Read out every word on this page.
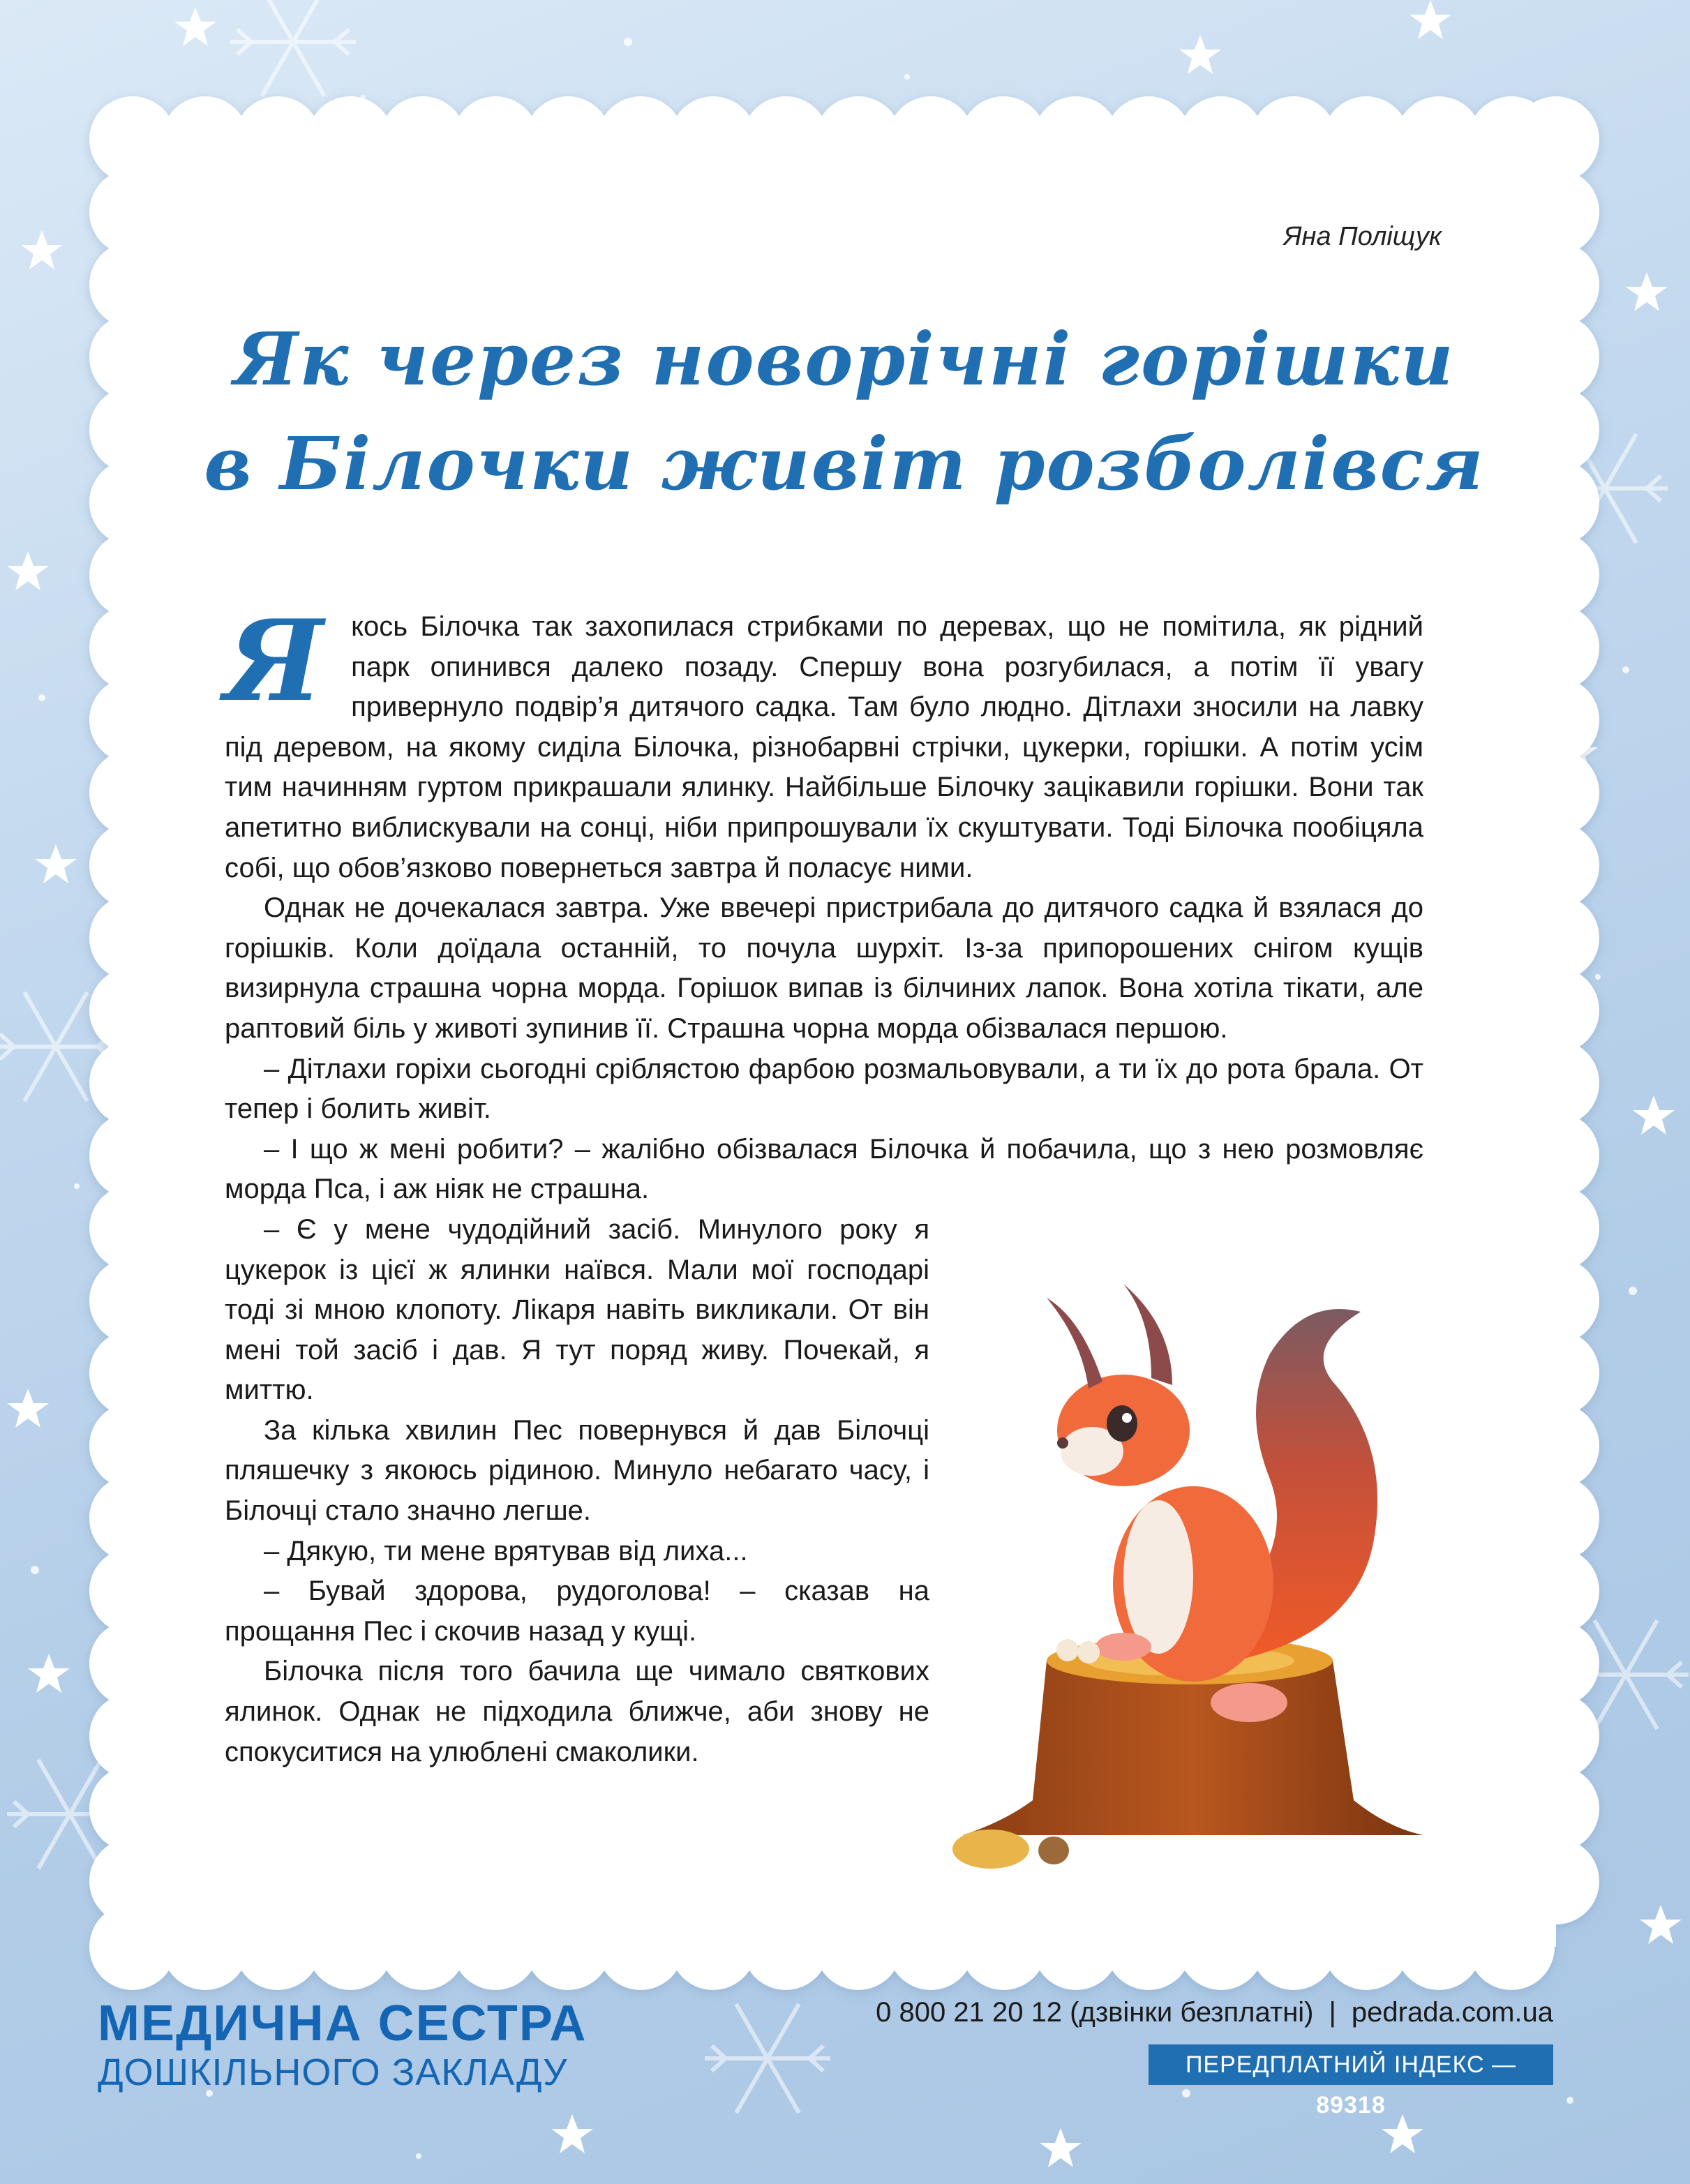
Яна Поліщук
Як через новорічні горішки
в Білочки живіт розболівся

Я кось Білочка так захопилася стрибками по деревах, що не помітила, як рідний парк опинився далеко позаду. Спершу вона розгубилася, а потім її увагу привернуло подвір’я дитячого садка. Там було людно. Дітлахи зносили на лавку під деревом, на якому сиділа Білочка, різнобарвні стрічки, цукерки, горішки. А потім усім тим начинням гуртом прикрашали ялинку. Найбільше Білочку зацікавили горішки. Вони так апетитно виблискували на сонці, ніби припрошували їх скуштувати. Тоді Білочка пообіцяла собі, що обов’язково повернеться завтра й поласує ними.

Однак не дочекалася завтра. Уже ввечері пристрибала до дитячого садка й взялася до горішків. Коли доїдала останній, то почула шурхіт. Із-за припорошених снігом кущів визирнула страшна чорна морда. Горішок випав із білчиних лапок. Вона хотіла тікати, але раптовий біль у животі зупинив її. Страшна чорна морда обізвалася першою.

– Дітлахи горіхи сьогодні сріблястою фарбою розмальовували, а ти їх до рота брала. От тепер і болить живіт.

– І що ж мені робити? – жалібно обізвалася Білочка й побачила, що з нею розмовляє морда Пса, і аж ніяк не страшна.

– Є у мене чудодійний засіб. Минулого року я цукерок із цієї ж ялинки наївся. Мали мої господарі тоді зі мною клопоту. Лікаря навіть викликали. От він мені той засіб і дав. Я тут поряд живу. Почекай, я миттю.

За кілька хвилин Пес повернувся й дав Білочці пляшечку з якоюсь рідиною. Минуло небагато часу, і Білочці стало значно легше.

– Дякую, ти мене врятував від лиха...

– Бувай здорова, рудоголова! – сказав на прощання Пес і скочив назад у кущі.

Білочка після того бачила ще чимало святкових ялинок. Однак не підходила ближче, аби знову не спокуситися на улюблені смаколики.

МЕДИЧНА СЕСТРА
ДОШКІЛЬНОГО ЗАКЛАДУ
0 800 21 20 12 (дзвінки безплатні) | pedrada.com.ua
ПЕРЕДПЛАТНИЙ ІНДЕКС — 89318
